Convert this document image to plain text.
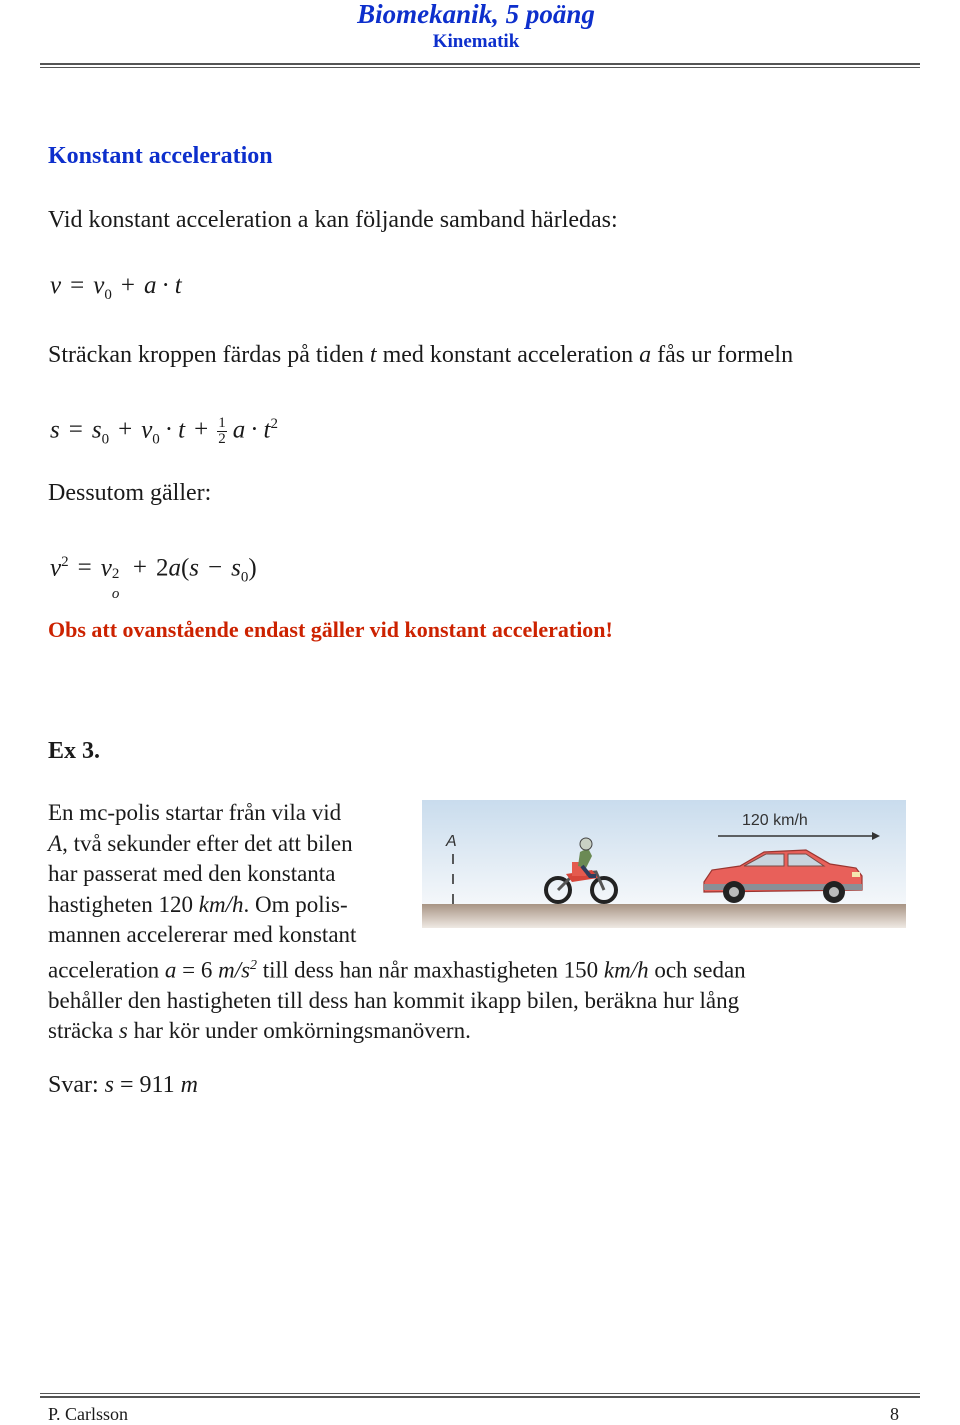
Biomekanik, 5 poäng
Kinematik
Konstant acceleration
Vid konstant acceleration a kan följande samband härledas:
$v = v_0 + a \cdot t$
Sträckan kroppen färdas på tiden t med konstant acceleration a fås ur formeln
$s = s_0 + v_0 \cdot t + \frac{1}{2}$ $a \cdot t^2$
Dessutom gäller:
$v^2 = v$ 2
o
+ $2a(s - s_0)$
Obs att ovanstående endast gäller vid konstant acceleration!
Ex 3.
En mc-polis startar från vila vid
A, två sekunder efter det att bilen
har passerat med den konstanta
hastigheten 120 km/h. Om polis-
mannen accelererar med konstant
acceleration a = 6 $m/s^2$ till dess han når maxhastigheten 150 km/h och sedan
behåller den hastigheten till dess han kommit ikapp bilen, beräkna hur lång
sträcka s har kör under omkörningsmanövern.
A
120 km/h
Svar: s = 911 m
P. Carlsson	8
